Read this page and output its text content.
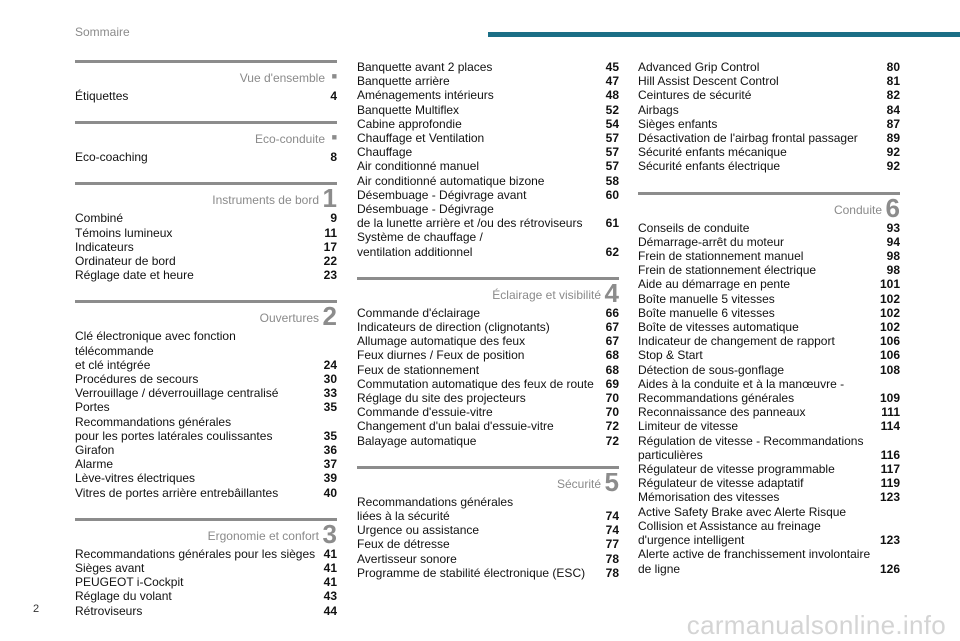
Sommaire
Vue d'ensemble ■
Étiquettes	4
Eco-conduite ■
Eco-coaching	8
Instruments de bord 1
Combiné	9
Témoins lumineux	11
Indicateurs	17
Ordinateur de bord	22
Réglage date et heure	23
Ouvertures 2
Clé électronique avec fonction télécommande
et clé intégrée	24
Procédures de secours	30
Verrouillage / déverrouillage centralisé	33
Portes	35
Recommandations générales
pour les portes latérales coulissantes	35
Girafon	36
Alarme	37
Lève-vitres électriques	39
Vitres de portes arrière entrebâillantes	40
Ergonomie et confort 3
Recommandations générales pour les sièges 41
Sièges avant	41
PEUGEOT i-Cockpit	41
Réglage du volant	43
Rétroviseurs	44
Banquette avant 2 places	45
Banquette arrière	47
Aménagements intérieurs	48
Banquette Multiflex	52
Cabine approfondie	54
Chauffage et Ventilation	57
Chauffage	57
Air conditionné manuel	57
Air conditionné automatique bizone	58
Désembuage - Dégivrage avant	60
Désembuage - Dégivrage
de la lunette arrière et /ou des rétroviseurs	61
Système de chauffage /
ventilation additionnel	62
Éclairage et visibilité 4
Commande d'éclairage	66
Indicateurs de direction (clignotants)	67
Allumage automatique des feux	67
Feux diurnes / Feux de position	68
Feux de stationnement	68
Commutation automatique des feux de route 69
Réglage du site des projecteurs	70
Commande d'essuie-vitre	70
Changement d'un balai d'essuie-vitre	72
Balayage automatique	72
Sécurité 5
Recommandations générales
liées à la sécurité	74
Urgence ou assistance	74
Feux de détresse	77
Avertisseur sonore	78
Programme de stabilité électronique (ESC)	78
Advanced Grip Control	80
Hill Assist Descent Control	81
Ceintures de sécurité	82
Airbags	84
Sièges enfants	87
Désactivation de l'airbag frontal passager	89
Sécurité enfants mécanique	92
Sécurité enfants électrique	92
Conduite 6
Conseils de conduite	93
Démarrage-arrêt du moteur	94
Frein de stationnement manuel	98
Frein de stationnement électrique	98
Aide au démarrage en pente	101
Boîte manuelle 5 vitesses	102
Boîte manuelle 6 vitesses	102
Boîte de vitesses automatique	102
Indicateur de changement de rapport	106
Stop & Start	106
Détection de sous-gonflage	108
Aides à la conduite et à la manœuvre -
Recommandations générales	109
Reconnaissance des panneaux	111
Limiteur de vitesse	114
Régulation de vitesse - Recommandations
particulières	116
Régulateur de vitesse programmable	117
Régulateur de vitesse adaptatif	119
Mémorisation des vitesses	123
Active Safety Brake avec Alerte Risque
Collision et Assistance au freinage
d'urgence intelligent	123
Alerte active de franchissement involontaire
de ligne	126
2
carmanualsonline.info
